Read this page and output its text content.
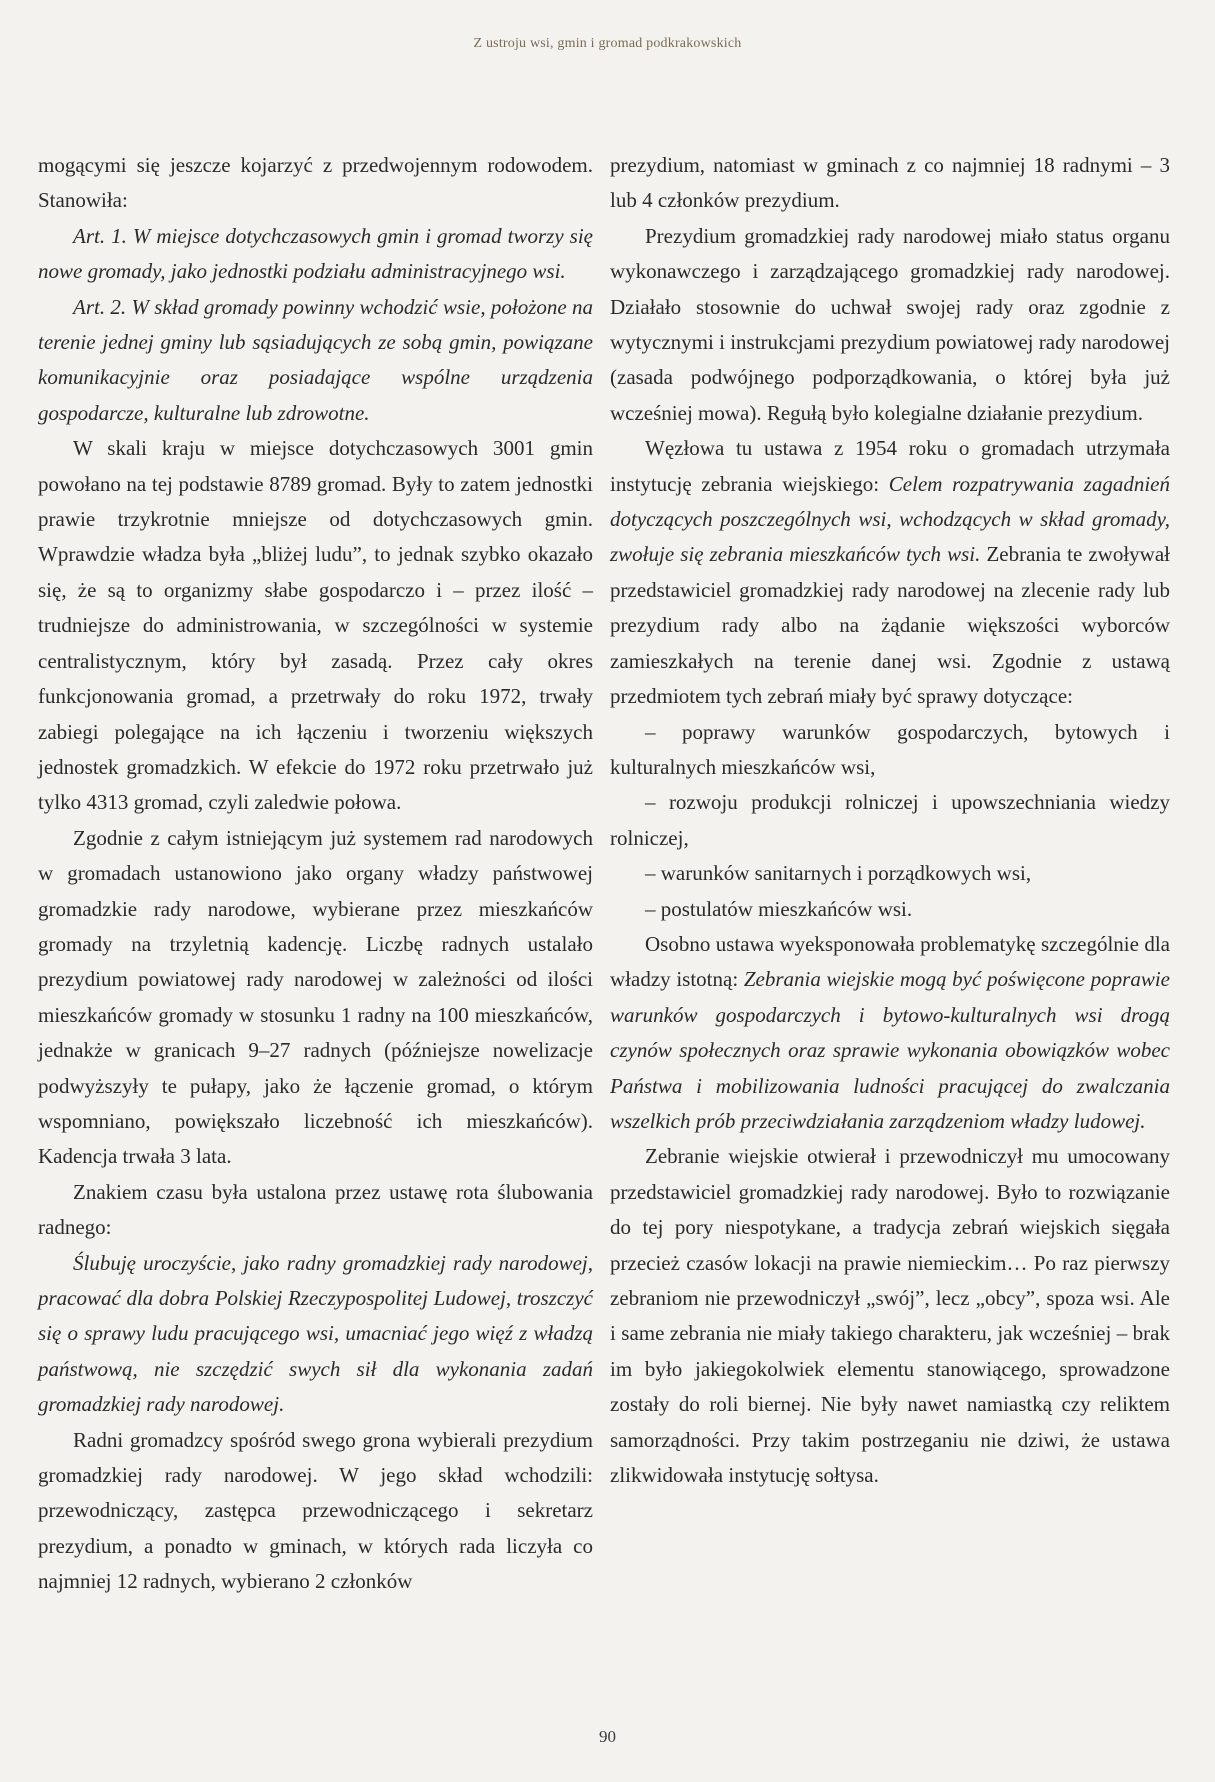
Z ustroju wsi, gmin i gromad podkrakowskich

mogącymi się jeszcze kojarzyć z przedwojennym rodowodem. Stanowiła:

Art. 1. W miejsce dotychczasowych gmin i gromad tworzy się nowe gromady, jako jednostki podziału administracyjnego wsi.

Art. 2. W skład gromady powinny wchodzić wsie, położone na terenie jednej gminy lub sąsiadujących ze sobą gmin, powiązane komunikacyjnie oraz posiadające wspólne urządzenia gospodarcze, kulturalne lub zdrowotne.

W skali kraju w miejsce dotychczasowych 3001 gmin powołano na tej podstawie 8789 gromad. Były to zatem jednostki prawie trzykrotnie mniejsze od dotychczasowych gmin. Wprawdzie władza była „bliżej ludu”, to jednak szybko okazało się, że są to organizmy słabe gospodarczo i – przez ilość – trudniejsze do administrowania, w szczególności w systemie centralistycznym, który był zasadą. Przez cały okres funkcjonowania gromad, a przetrwały do roku 1972, trwały zabiegi polegające na ich łączeniu i tworzeniu większych jednostek gromadzkich. W efekcie do 1972 roku przetrwało już tylko 4313 gromad, czyli zaledwie połowa.

Zgodnie z całym istniejącym już systemem rad narodowych w gromadach ustanowiono jako organy władzy państwowej gromadzkie rady narodowe, wybierane przez mieszkańców gromady na trzyletnią kadencję. Liczbę radnych ustalało prezydium powiatowej rady narodowej w zależności od ilości mieszkańców gromady w stosunku 1 radny na 100 mieszkańców, jednakże w granicach 9–27 radnych (późniejsze nowelizacje podwyższyły te pułapy, jako że łączenie gromad, o którym wspomniano, powiększało liczebność ich mieszkańców). Kadencja trwała 3 lata.

Znakiem czasu była ustalona przez ustawę rota ślubowania radnego:

Ślubuję uroczyście, jako radny gromadzkiej rady narodowej, pracować dla dobra Polskiej Rzeczypospolitej Ludowej, troszczyć się o sprawy ludu pracującego wsi, umacniać jego więź z władzą państwową, nie szczędzić swych sił dla wykonania zadań gromadzkiej rady narodowej.

Radni gromadzcy spośród swego grona wybierali prezydium gromadzkiej rady narodowej. W jego skład wchodzili: przewodniczący, zastępca przewodniczącego i sekretarz prezydium, a ponadto w gminach, w których rada liczyła co najmniej 12 radnych, wybierano 2 członków

prezydium, natomiast w gminach z co najmniej 18 radnymi – 3 lub 4 członków prezydium.

Prezydium gromadzkiej rady narodowej miało status organu wykonawczego i zarządzającego gromadzkiej rady narodowej. Działało stosownie do uchwał swojej rady oraz zgodnie z wytycznymi i instrukcjami prezydium powiatowej rady narodowej (zasada podwójnego podporządkowania, o której była już wcześniej mowa). Regułą było kolegialne działanie prezydium.

Węzłowa tu ustawa z 1954 roku o gromadach utrzymała instytucję zebrania wiejskiego: Celem rozpatrywania zagadnień dotyczących poszczególnych wsi, wchodzących w skład gromady, zwołuje się zebrania mieszkańców tych wsi. Zebrania te zwoływał przedstawiciel gromadzkiej rady narodowej na zlecenie rady lub prezydium rady albo na żądanie większości wyborców zamieszkałych na terenie danej wsi. Zgodnie z ustawą przedmiotem tych zebrań miały być sprawy dotyczące:

– poprawy warunków gospodarczych, bytowych i kulturalnych mieszkańców wsi,

– rozwoju produkcji rolniczej i upowszechniania wiedzy rolniczej,

– warunków sanitarnych i porządkowych wsi,

– postulatów mieszkańców wsi.

Osobno ustawa wyeksponowała problematykę szczególnie dla władzy istotną: Zebrania wiejskie mogą być poświęcone poprawie warunków gospodarczych i bytowo-kulturalnych wsi drogą czynów społecznych oraz sprawie wykonania obowiązków wobec Państwa i mobilizowania ludności pracującej do zwalczania wszelkich prób przeciwdziałania zarządzeniom władzy ludowej.

Zebranie wiejskie otwierał i przewodniczył mu umocowany przedstawiciel gromadzkiej rady narodowej. Było to rozwiązanie do tej pory niespotykane, a tradycja zebrań wiejskich sięgała przecież czasów lokacji na prawie niemieckim… Po raz pierwszy zebraniom nie przewodniczył „swój”, lecz „obcy”, spoza wsi. Ale i same zebrania nie miały takiego charakteru, jak wcześniej – brak im było jakiegokolwiek elementu stanowiącego, sprowadzone zostały do roli biernej. Nie były nawet namiastką czy reliktem samorządności. Przy takim postrzeganiu nie dziwi, że ustawa zlikwidowała instytucję sołtysa.

90
